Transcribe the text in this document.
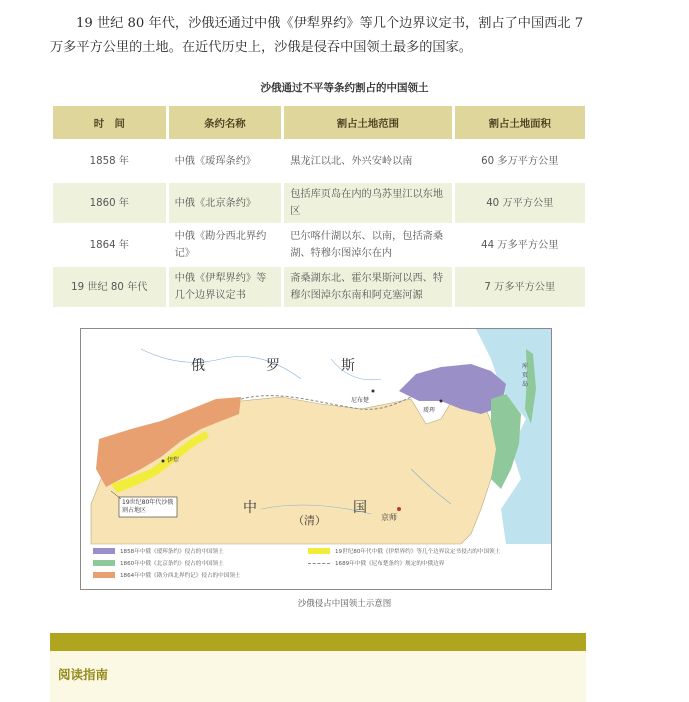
19 世纪 80 年代，沙俄还通过中俄《伊犁界约》等几个边界议定书，割占了中国西北 7 万多平方公里的土地。在近代历史上，沙俄是侵吞中国领土最多的国家。
沙俄通过不平等条约割占的中国领土
时　间	条约名称	割占土地范围	割占土地面积
1858 年	中俄《瑷珲条约》	黑龙江以北、外兴安岭以南	60 多万平方公里
1860 年	中俄《北京条约》	包括库页岛在内的乌苏里江以东地区	40 万平方公里
1864 年	中俄《勘分西北界约记》	巴尔喀什湖以东、以南，包括斋桑湖、特穆尔图淖尔在内	44 万多平方公里
19 世纪 80 年代	中俄《伊犁界约》等几个边界议定书	斋桑湖东北、霍尔果斯河以西、特穆尔图淖尔东南和阿克塞河源	7 万多平方公里
俄	罗	斯
中	国
（清）	京师
尼布楚
瑷珲
伊犁
库页岛
19世纪80年代沙俄割占地区
1858年中俄《瑷珲条约》侵占的中国领土
1860年中俄《北京条约》侵占的中国领土
1864年中俄《勘分西北界约记》侵占的中国领土
19世纪80年代中俄《伊犁界约》等几个边界议定书侵占的中国领土
1689年中俄《尼布楚条约》规定的中俄边界
沙俄侵占中国领土示意图
阅读指南
